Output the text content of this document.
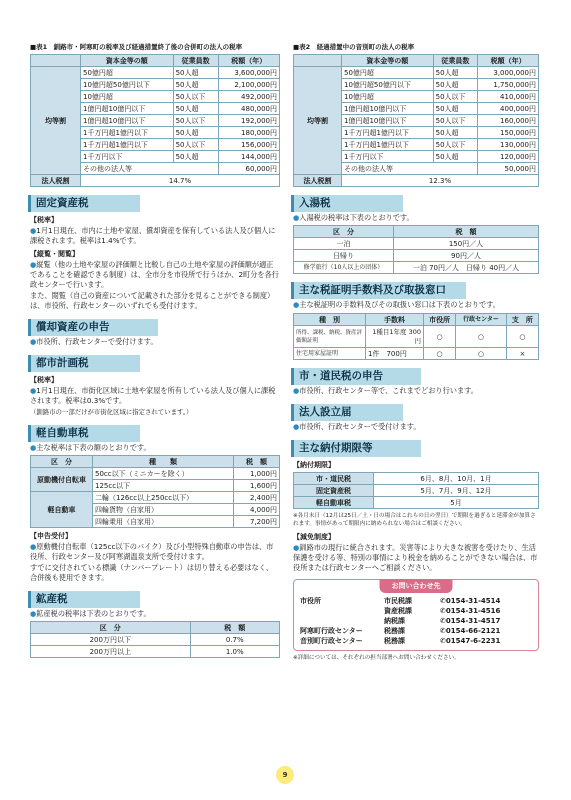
■表1　釧路市・阿寒町の税率及び経過措置終了後の合併町の法人の税率
	資本金等の額	従業員数	税額（年）
均等割	50億円超	50人超	3,600,000円
	10億円超50億円以下	50人超	2,100,000円
	10億円超	50人以下	492,000円
	1億円超10億円以下	50人超	480,000円
	1億円超10億円以下	50人以下	192,000円
	1千万円超1億円以下	50人超	180,000円
	1千万円超1億円以下	50人以下	156,000円
	1千万円以下	50人超	144,000円
	その他の法人等		60,000円
法人税割	14.7%		
固定資産税
【税率】
●1月1日現在、市内に土地や家屋、償却資産を保有している法人及び個人に課税されます。税率は1.4%です。
【縦覧・閲覧】
●縦覧（他の土地や家屋の評価額と比較し自己の土地や家屋の評価額が適正であることを確認できる制度）は、全市分を市役所で行うほか、2町分を各行政センターで行います。
また、閲覧（自己の資産について記載された部分を見ることができる制度）は、市役所、行政センターのいずれでも受付けます。
償却資産の申告
●市役所、行政センターで受付けます。
都市計画税
【税率】
●1月1日現在、市街化区域に土地や家屋を所有している法人及び個人に課税されます。税率は0.3%です。
（釧路市の一部だけが市街化区域に指定されています。）
軽自動車税
●主な税率は下表の額のとおりです。
区　分	種　　類	税　額
原動機付自転車	50cc以下（ミニカーを除く）	1,000円
	125cc以下	1,600円
軽自動車	二輪（126cc以上250cc以下）	2,400円
	四輪貨物（自家用）	4,000円
	四輪乗用（自家用）	7,200円
【申告受付】
●原動機付自転車（125cc以下のバイク）及び小型特殊自動車の申告は、市役所、行政センター及び阿寒湖温泉支所で受付けます。
すでに交付されている標識（ナンバープレート）は切り替える必要はなく、合併後も使用できます。
鉱産税
●鉱産税の税率は下表のとおりです。
区　分	税　額
200万円以下	0.7%
200万円以上	1.0%
■表2　経過措置中の音別町の法人の税率
	資本金等の額	従業員数	税額（年）
均等割	50億円超	50人超	3,000,000円
	10億円超50億円以下	50人超	1,750,000円
	10億円超	50人以下	410,000円
	1億円超10億円以下	50人超	400,000円
	1億円超10億円以下	50人以下	160,000円
	1千万円超1億円以下	50人超	150,000円
	1千万円超1億円以下	50人以下	130,000円
	1千万円以下	50人超	120,000円
	その他の法人等		50,000円
法人税割	12.3%		
入湯税
●入湯税の税率は下表のとおりです。
区　分	税　額
一泊	150円／人
日帰り	90円／人
修学旅行（10人以上の団体）	一泊 70円／人　日帰り 40円／人
主な税証明手数料及び取扱窓口
●主な税証明の手数料及びその取扱い窓口は下表のとおりです。
種　別	手数料	市役所	行政センター	支　所
所得、課税、納税、資産評価額証明	1種目1年度 300円	○	○	○
住宅用家屋証明	1件　700円	○	○	×
市・道民税の申告
●市役所、行政センター等で、これまでどおり行います。
法人設立届
●市役所、行政センターで受付けます。
主な納付期限等
【納付期限】
市・道民税	6月、8月、10月、1月
固定資産税	5月、7月、9月、12月
軽自動車税	5月
※各月末日（12月は25日／土・日の場合はこれらの日の翌日）で期限を過ぎると延滞金が加算されます。事情があって期限内に納められない場合はご相談ください。
【減免制度】
●釧路市の現行に統合されます。災害等により大きな被害を受けたり、生活保護を受ける等、特別の事情により税金を納めることができない場合は、市役所または行政センターへご相談ください。
お問い合わせ先
市役所	市民税課	✆0154-31-4514
資産税課	✆0154-31-4516
納税課	✆0154-31-4517
阿寒町行政センター	税務課	✆0154-66-2121
音別町行政センター	税務課	✆01547-6-2231
※詳細については、それぞれの担当部署へお問い合わせください。
9
